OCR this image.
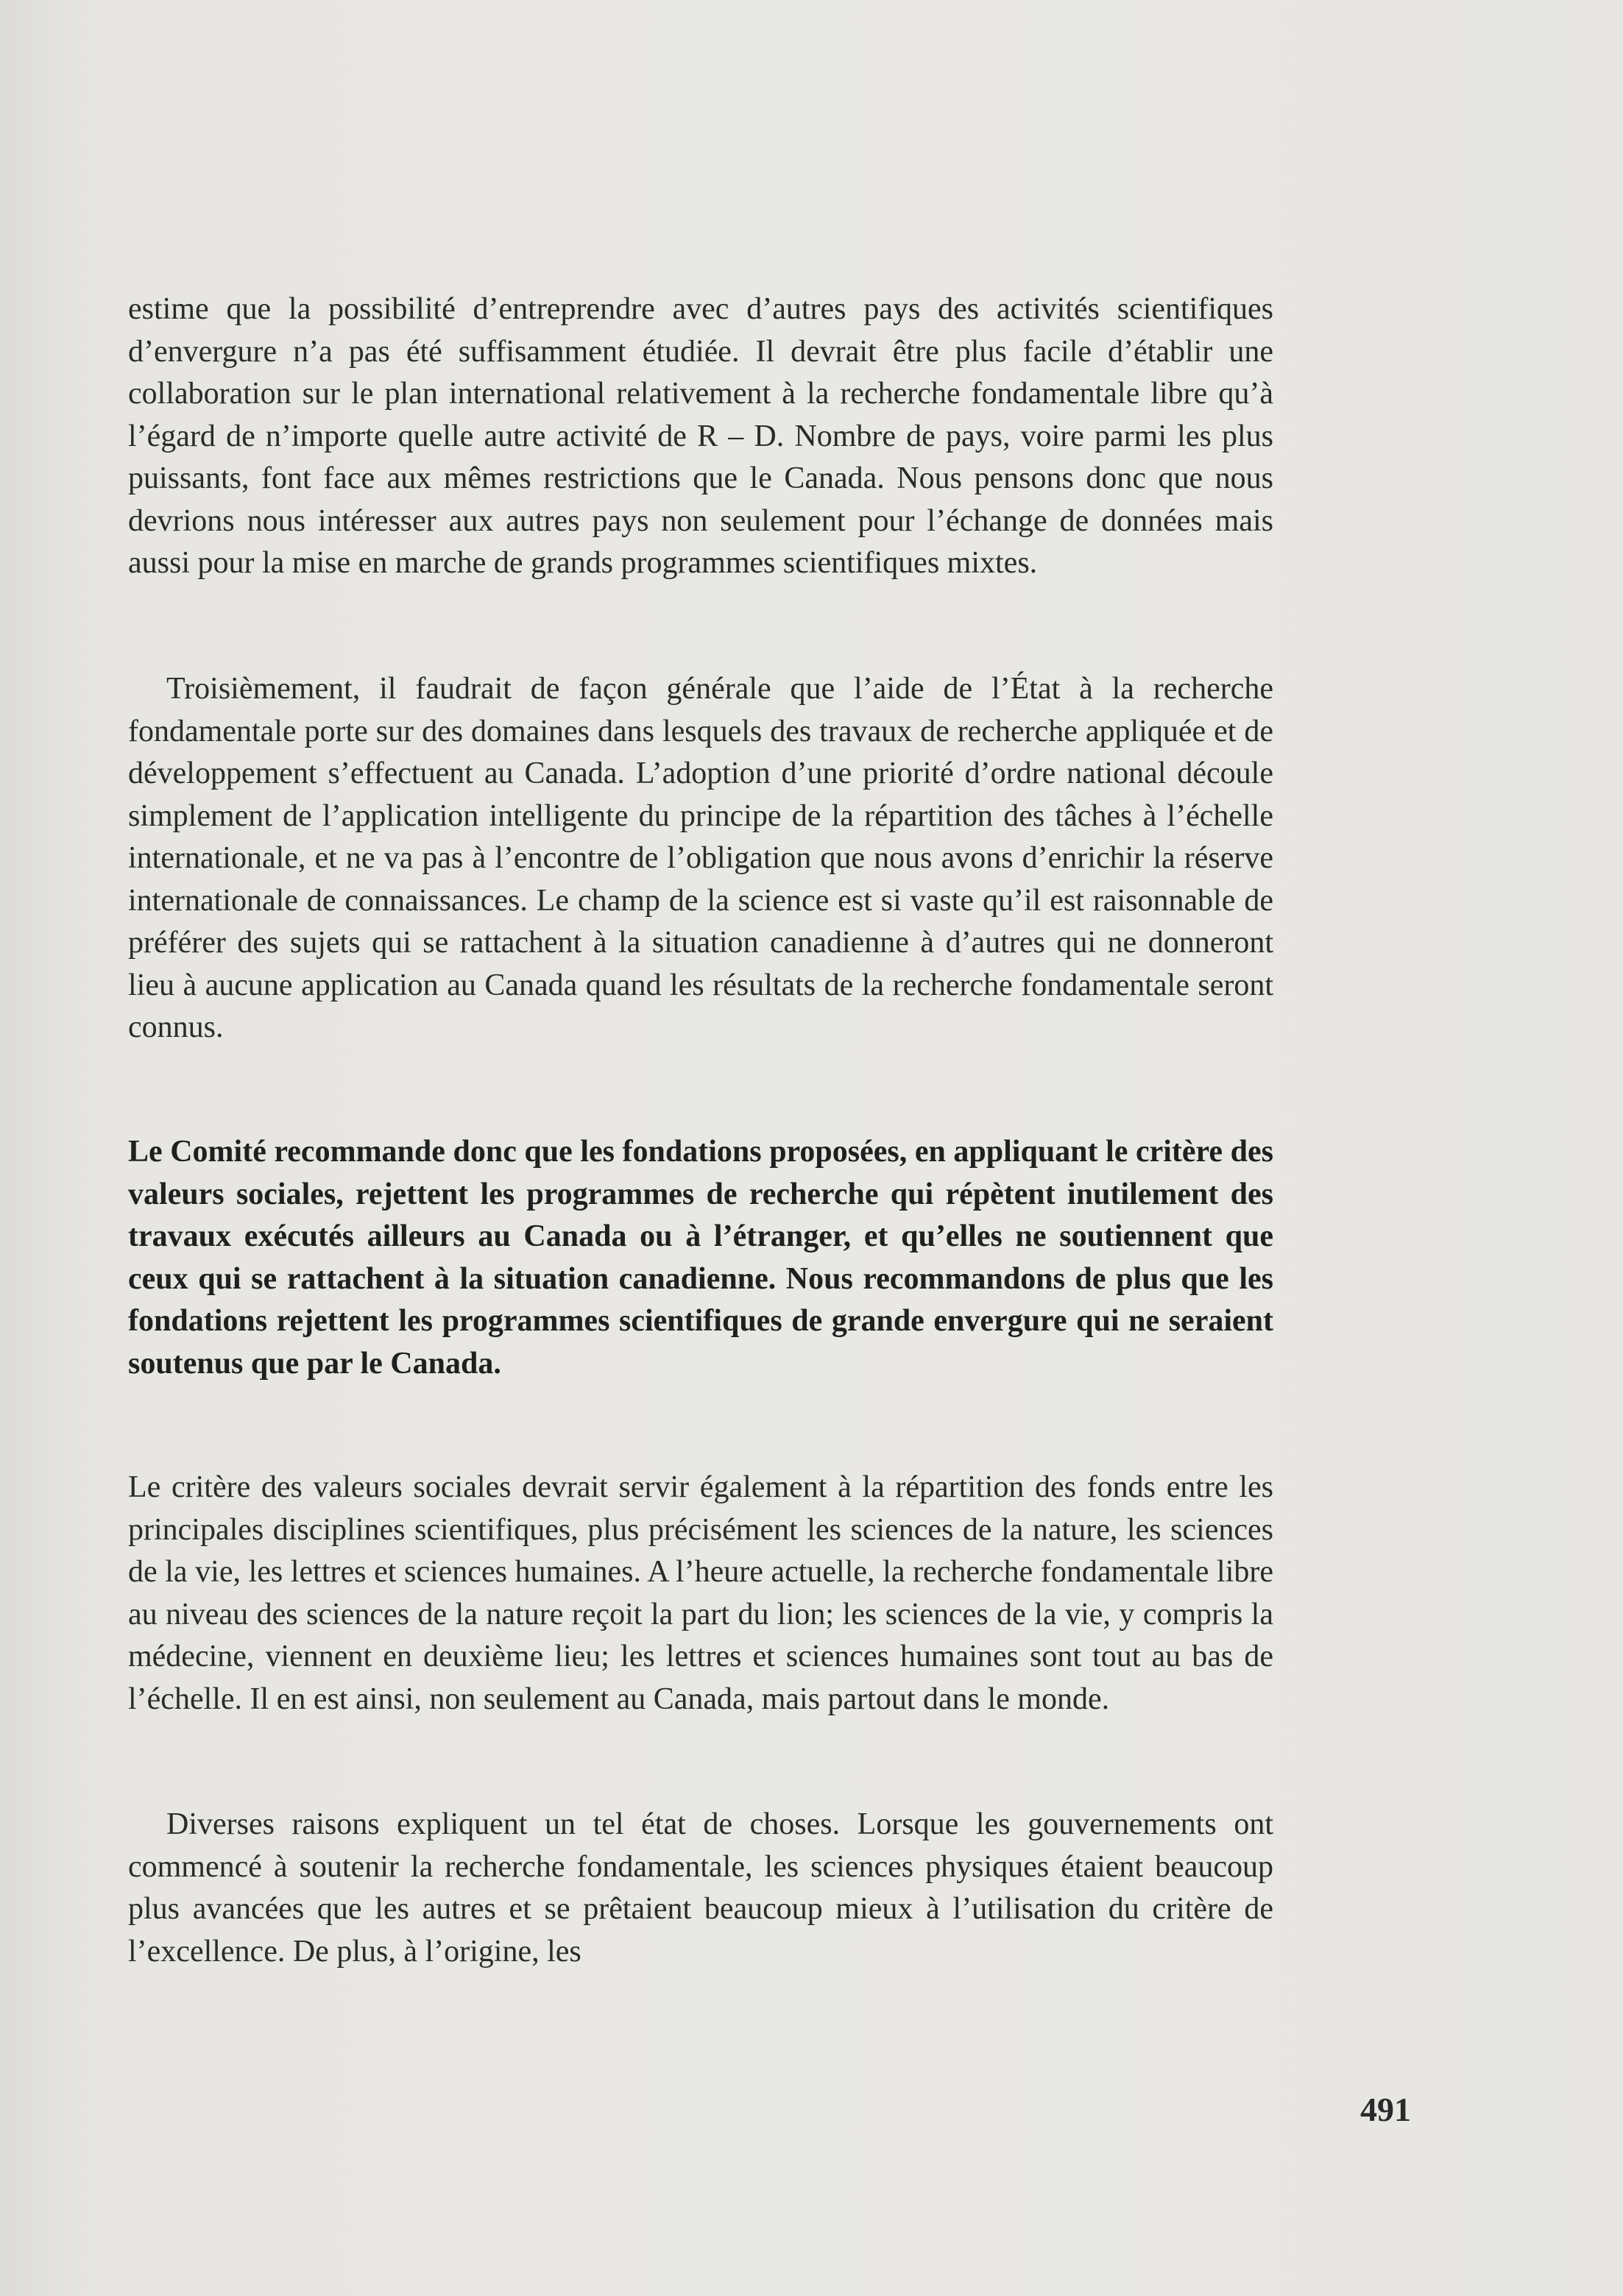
estime que la possibilité d’entreprendre avec d’autres pays des activités scientifiques d’envergure n’a pas été suffisamment étudiée. Il devrait être plus facile d’établir une collaboration sur le plan international relativement à la recherche fondamentale libre qu’à l’égard de n’importe quelle autre activité de R – D. Nombre de pays, voire parmi les plus puissants, font face aux mêmes restrictions que le Canada. Nous pensons donc que nous devrions nous intéresser aux autres pays non seulement pour l’échange de données mais aussi pour la mise en marche de grands programmes scientifiques mixtes.

Troisièmement, il faudrait de façon générale que l’aide de l’État à la recherche fondamentale porte sur des domaines dans lesquels des travaux de recherche appliquée et de développement s’effectuent au Canada. L’adoption d’une priorité d’ordre national découle simplement de l’application intelligente du principe de la répartition des tâches à l’échelle internationale, et ne va pas à l’encontre de l’obligation que nous avons d’enrichir la réserve internationale de connaissances. Le champ de la science est si vaste qu’il est raisonnable de préférer des sujets qui se rattachent à la situation canadienne à d’autres qui ne donneront lieu à aucune application au Canada quand les résultats de la recherche fondamentale seront connus.

Le Comité recommande donc que les fondations proposées, en appliquant le critère des valeurs sociales, rejettent les programmes de recherche qui répètent inutilement des travaux exécutés ailleurs au Canada ou à l’étranger, et qu’elles ne soutiennent que ceux qui se rattachent à la situation canadienne. Nous recommandons de plus que les fondations rejettent les programmes scientifiques de grande envergure qui ne seraient soutenus que par le Canada.

Le critère des valeurs sociales devrait servir également à la répartition des fonds entre les principales disciplines scientifiques, plus précisément les sciences de la nature, les sciences de la vie, les lettres et sciences humaines. A l’heure actuelle, la recherche fondamentale libre au niveau des sciences de la nature reçoit la part du lion; les sciences de la vie, y compris la médecine, viennent en deuxième lieu; les lettres et sciences humaines sont tout au bas de l’échelle. Il en est ainsi, non seulement au Canada, mais partout dans le monde.

Diverses raisons expliquent un tel état de choses. Lorsque les gouvernements ont commencé à soutenir la recherche fondamentale, les sciences physiques étaient beaucoup plus avancées que les autres et se prêtaient beaucoup mieux à l’utilisation du critère de l’excellence. De plus, à l’origine, les

491
